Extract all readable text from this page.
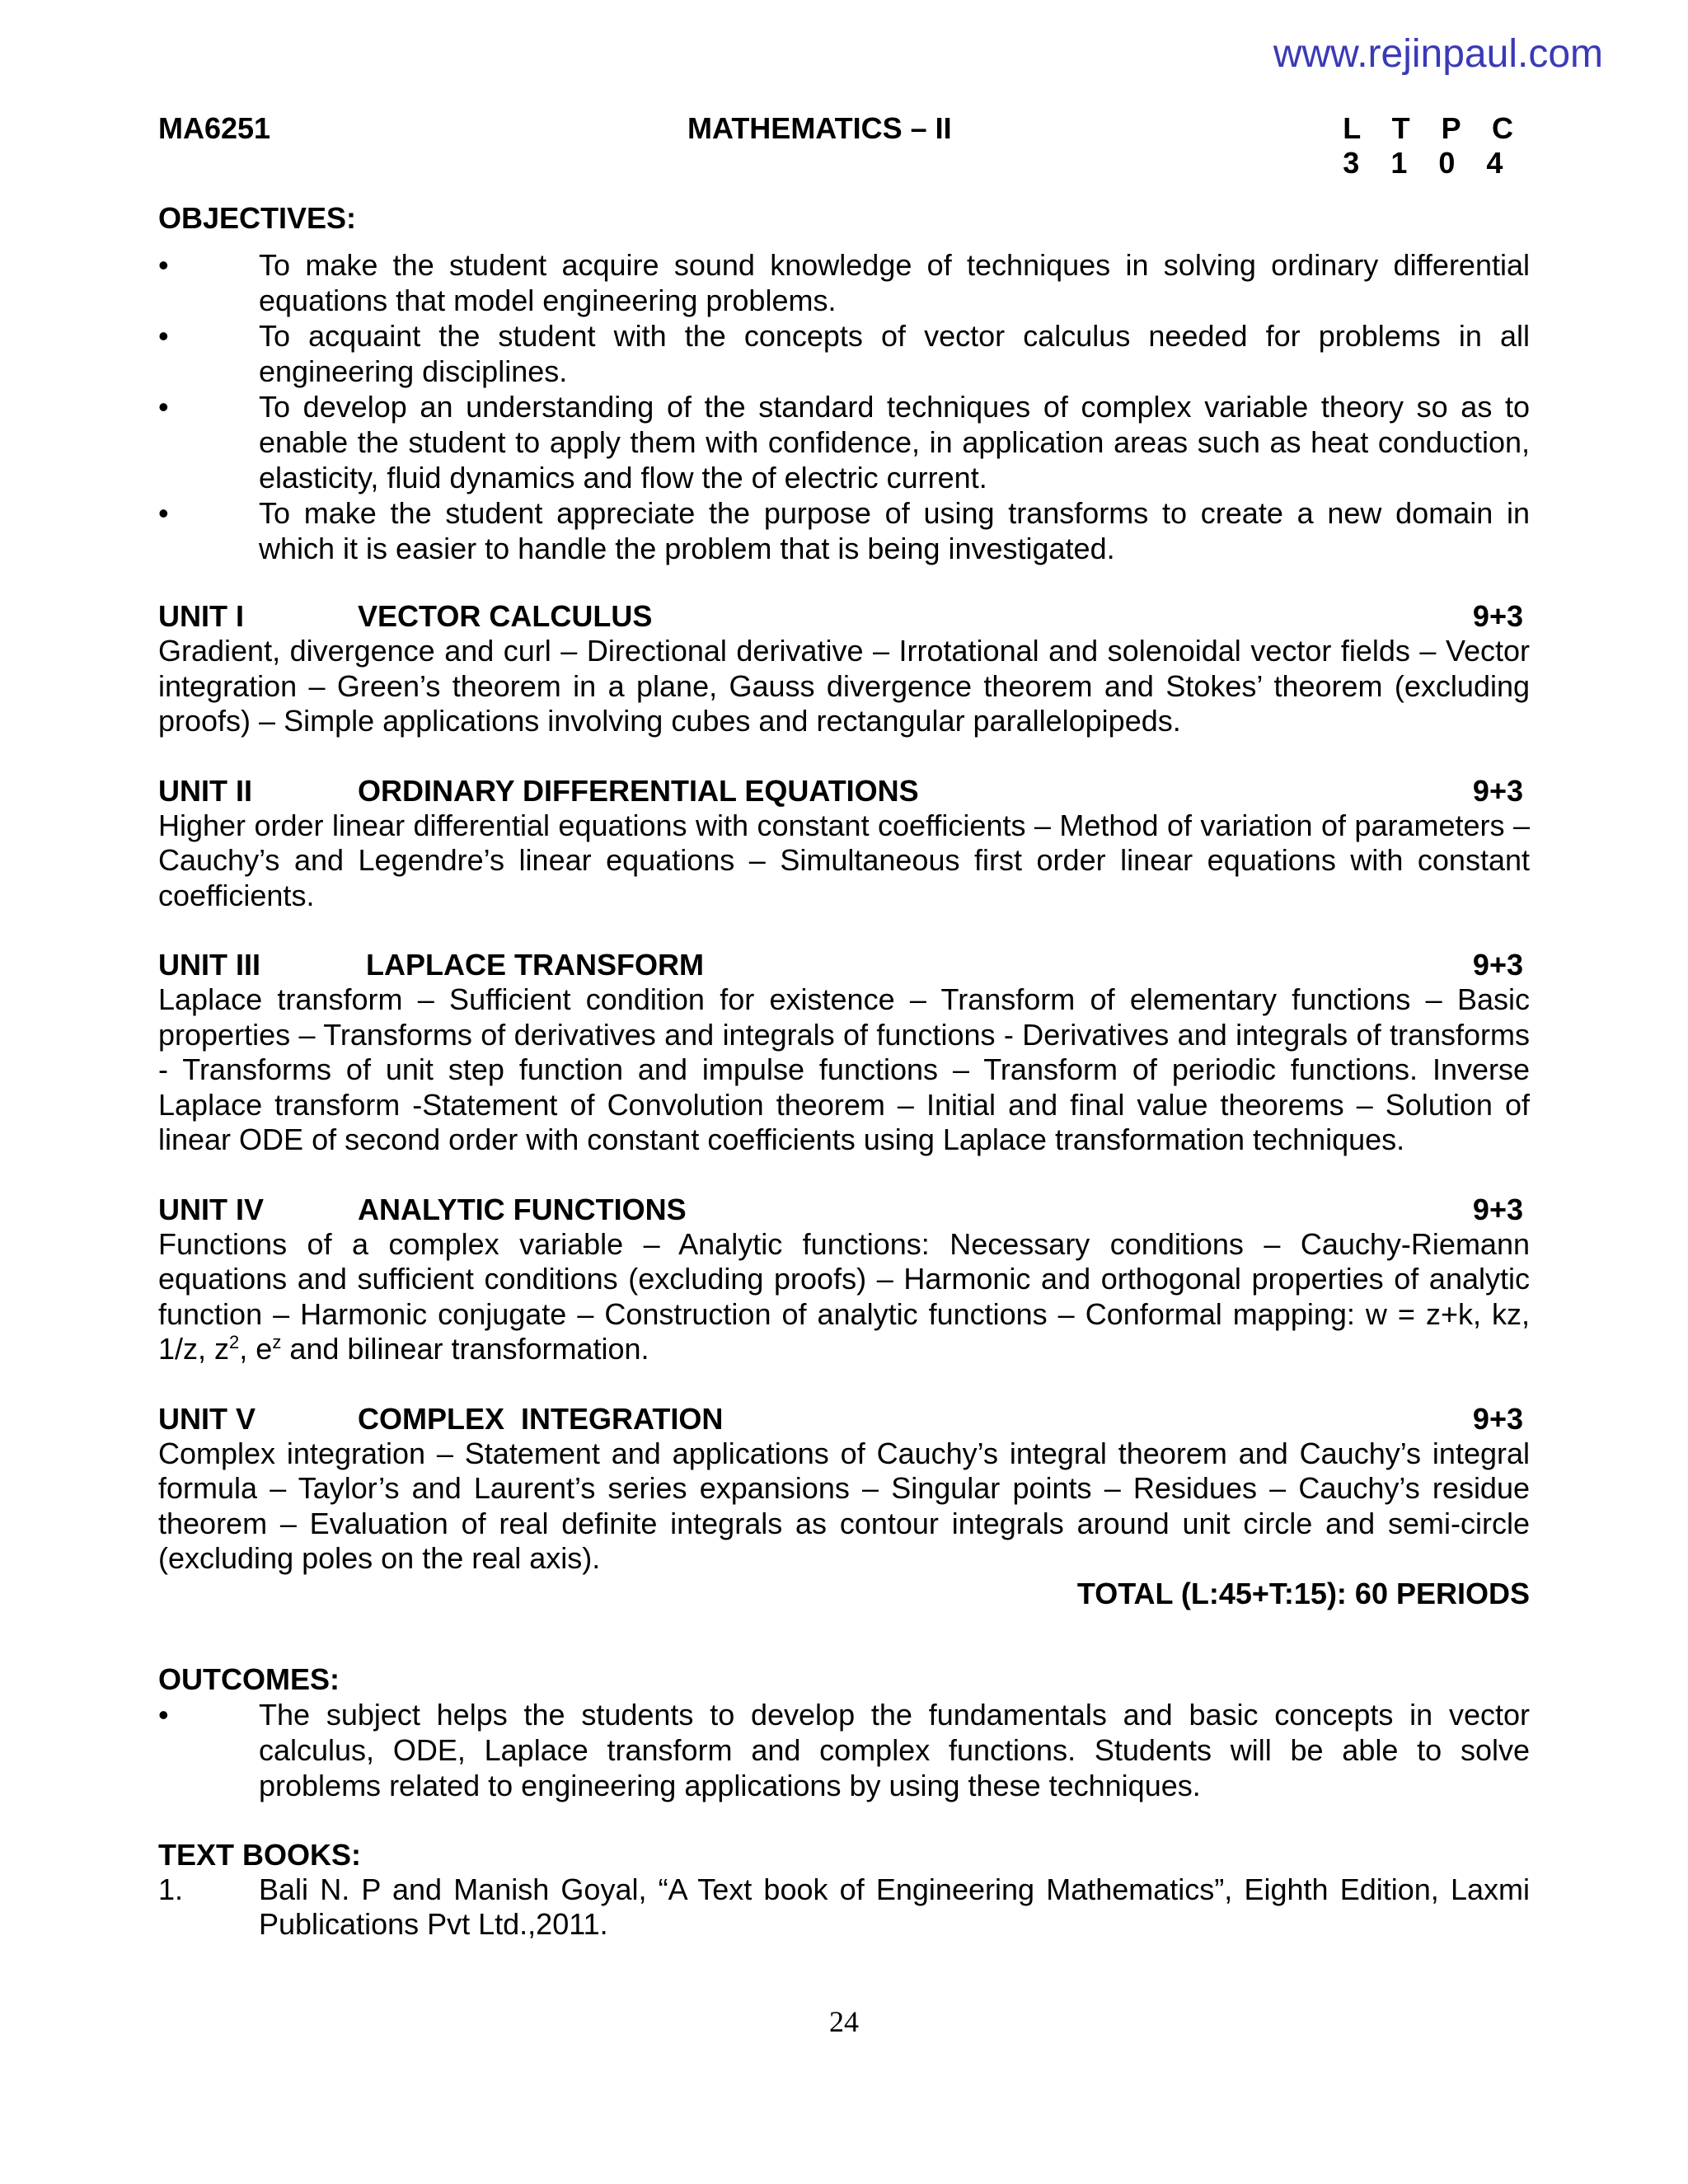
www.rejinpaul.com
MA6251	MATHEMATICS – II	L T P C
3 1 0 4
OBJECTIVES:
•	To make the student acquire sound knowledge of techniques in solving ordinary differential equations that model engineering problems.
•	To acquaint the student with the concepts of vector calculus needed for problems in all engineering disciplines.
•	To develop an understanding of the standard techniques of complex variable theory so as to enable the student to apply them with confidence, in application areas such as heat conduction, elasticity, fluid dynamics and flow the of electric current.
•	To make the student appreciate the purpose of using transforms to create a new domain in which it is easier to handle the problem that is being investigated.
UNIT I	VECTOR CALCULUS	9+3
Gradient, divergence and curl – Directional derivative – Irrotational and solenoidal vector fields – Vector integration – Green’s theorem in a plane, Gauss divergence theorem and Stokes’ theorem (excluding proofs) – Simple applications involving cubes and rectangular parallelopipeds.
UNIT II	ORDINARY DIFFERENTIAL EQUATIONS	9+3
Higher order linear differential equations with constant coefficients – Method of variation of parameters – Cauchy’s and Legendre’s linear equations – Simultaneous first order linear equations with constant coefficients.
UNIT III	LAPLACE TRANSFORM	9+3
Laplace transform – Sufficient condition for existence – Transform of elementary functions – Basic properties – Transforms of derivatives and integrals of functions - Derivatives and integrals of transforms - Transforms of unit step function and impulse functions – Transform of periodic functions. Inverse Laplace transform -Statement of Convolution theorem – Initial and final value theorems – Solution of linear ODE of second order with constant coefficients using Laplace transformation techniques.
UNIT IV	ANALYTIC FUNCTIONS	9+3
Functions of a complex variable – Analytic functions: Necessary conditions – Cauchy-Riemann equations and sufficient conditions (excluding proofs) – Harmonic and orthogonal properties of analytic function – Harmonic conjugate – Construction of analytic functions – Conformal mapping: w = z+k, kz, 1/z, $z^2$, $e^z$ and bilinear transformation.
UNIT V	COMPLEX  INTEGRATION	9+3
Complex integration – Statement and applications of Cauchy’s integral theorem and Cauchy’s integral formula – Taylor’s and Laurent’s series expansions – Singular points – Residues – Cauchy’s residue theorem – Evaluation of real definite integrals as contour integrals around unit circle and semi-circle (excluding poles on the real axis).
TOTAL (L:45+T:15): 60 PERIODS
OUTCOMES:
•	The subject helps the students to develop the fundamentals and basic concepts in vector calculus, ODE, Laplace transform and complex functions. Students will be able to solve problems related to engineering applications by using these techniques.
TEXT BOOKS:
1.	Bali N. P and Manish Goyal, “A Text book of Engineering Mathematics”, Eighth Edition, Laxmi Publications Pvt Ltd.,2011.
24
